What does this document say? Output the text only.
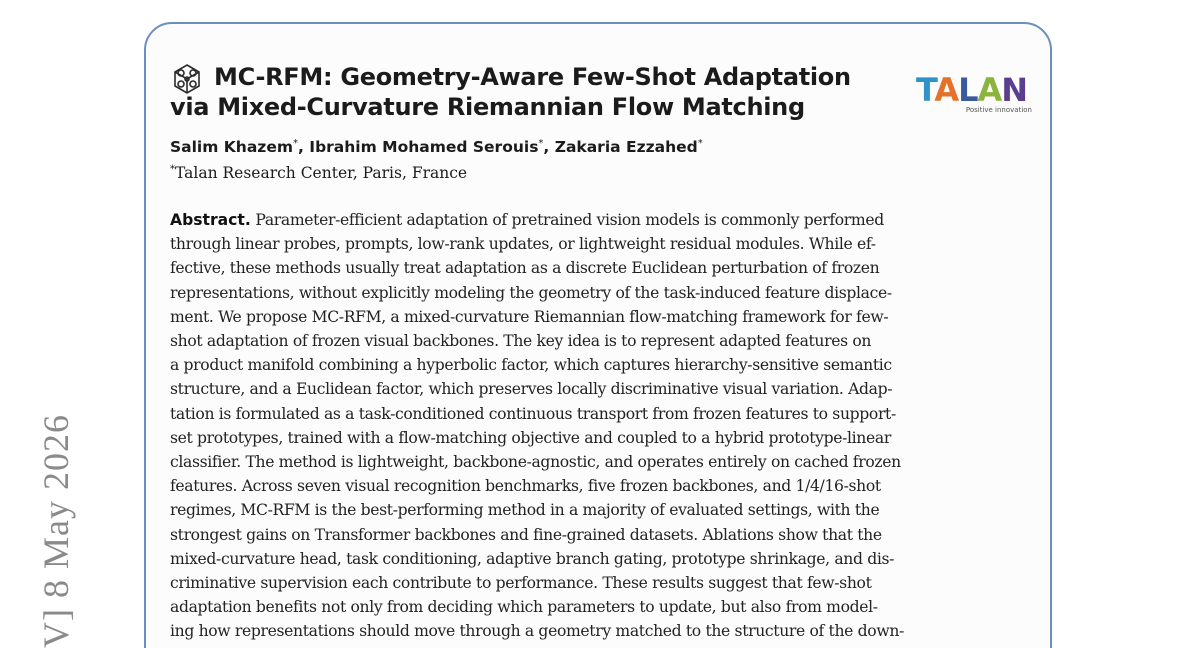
V] 8 May 2026
MC-RFM: Geometry-Aware Few-Shot Adaptation via Mixed-Curvature Riemannian Flow Matching	TALAN
Positive innovation
Salim Khazem*, Ibrahim Mohamed Serouis*, Zakaria Ezzahed*
*Talan Research Center, Paris, France
Abstract. Parameter-efficient adaptation of pretrained vision models is commonly performed
through linear probes, prompts, low-rank updates, or lightweight residual modules. While ef-
fective, these methods usually treat adaptation as a discrete Euclidean perturbation of frozen
representations, without explicitly modeling the geometry of the task-induced feature displace-
ment. We propose MC-RFM, a mixed-curvature Riemannian flow-matching framework for few-
shot adaptation of frozen visual backbones. The key idea is to represent adapted features on
a product manifold combining a hyperbolic factor, which captures hierarchy-sensitive semantic
structure, and a Euclidean factor, which preserves locally discriminative visual variation. Adap-
tation is formulated as a task-conditioned continuous transport from frozen features to support-
set prototypes, trained with a flow-matching objective and coupled to a hybrid prototype-linear
classifier. The method is lightweight, backbone-agnostic, and operates entirely on cached frozen
features. Across seven visual recognition benchmarks, five frozen backbones, and 1/4/16-shot
regimes, MC-RFM is the best-performing method in a majority of evaluated settings, with the
strongest gains on Transformer backbones and fine-grained datasets. Ablations show that the
mixed-curvature head, task conditioning, adaptive branch gating, prototype shrinkage, and dis-
criminative supervision each contribute to performance. These results suggest that few-shot
adaptation benefits not only from deciding which parameters to update, but also from model-
ing how representations should move through a geometry matched to the structure of the down-
